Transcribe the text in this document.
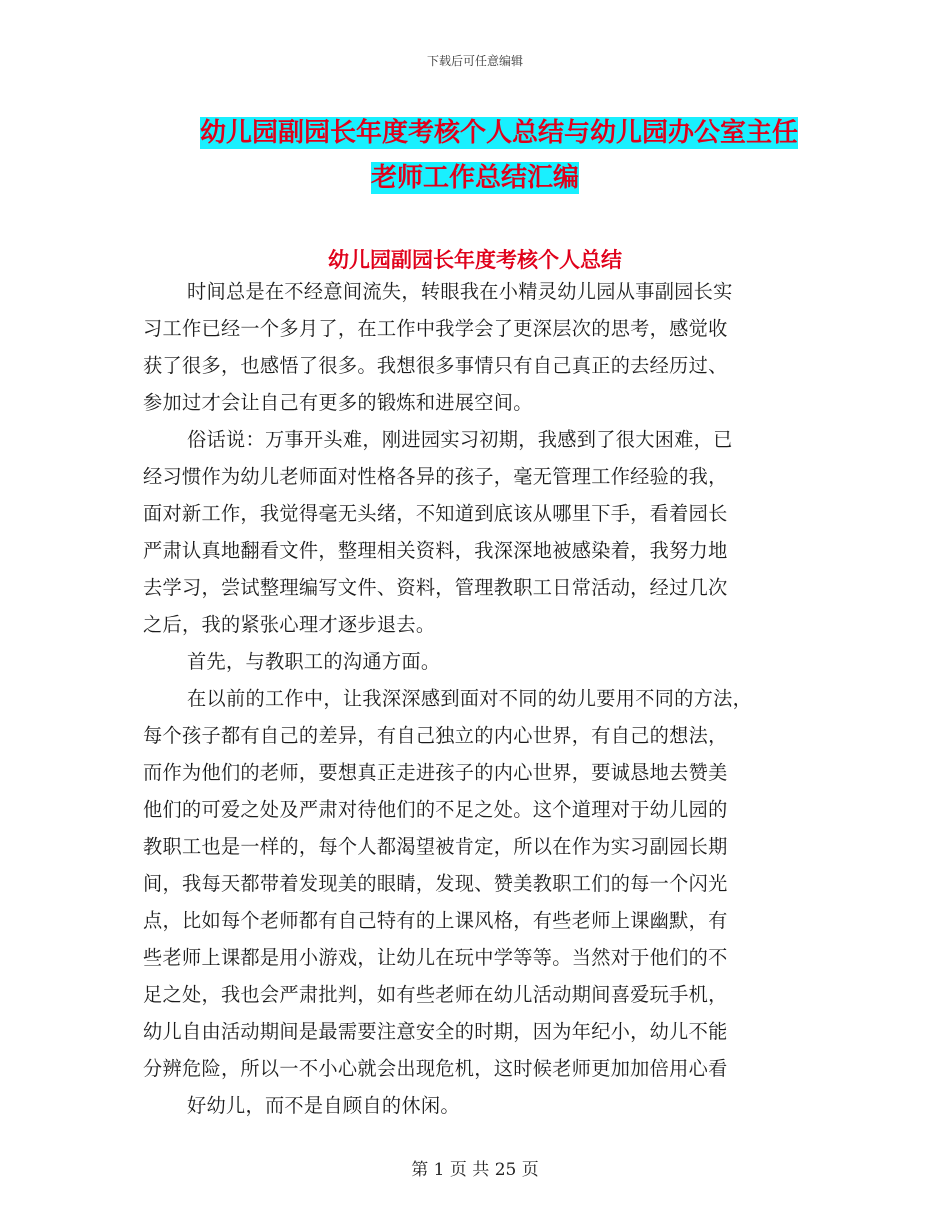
下载后可任意编辑
幼儿园副园长年度考核个人总结与幼儿园办公室主任
老师工作总结汇编
幼儿园副园长年度考核个人总结
时间总是在不经意间流失，转眼我在小精灵幼儿园从事副园长实
习工作已经一个多月了，在工作中我学会了更深层次的思考，感觉收
获了很多，也感悟了很多。我想很多事情只有自己真正的去经历过、
参加过才会让自己有更多的锻炼和进展空间。
俗话说：万事开头难，刚进园实习初期，我感到了很大困难，已
经习惯作为幼儿老师面对性格各异的孩子，毫无管理工作经验的我，
面对新工作，我觉得毫无头绪，不知道到底该从哪里下手，看着园长
严肃认真地翻看文件，整理相关资料，我深深地被感染着，我努力地
去学习，尝试整理编写文件、资料，管理教职工日常活动，经过几次
之后，我的紧张心理才逐步退去。
首先，与教职工的沟通方面。
在以前的工作中，让我深深感到面对不同的幼儿要用不同的方法，
每个孩子都有自己的差异，有自己独立的内心世界，有自己的想法，
而作为他们的老师，要想真正走进孩子的内心世界，要诚恳地去赞美
他们的可爱之处及严肃对待他们的不足之处。这个道理对于幼儿园的
教职工也是一样的，每个人都渴望被肯定，所以在作为实习副园长期
间，我每天都带着发现美的眼睛，发现、赞美教职工们的每一个闪光
点，比如每个老师都有自己特有的上课风格，有些老师上课幽默，有
些老师上课都是用小游戏，让幼儿在玩中学等等。当然对于他们的不
足之处，我也会严肃批判，如有些老师在幼儿活动期间喜爱玩手机，
幼儿自由活动期间是最需要注意安全的时期，因为年纪小，幼儿不能
分辨危险，所以一不小心就会出现危机，这时候老师更加加倍用心看
好幼儿，而不是自顾自的休闲。
第 1 页 共 25 页
